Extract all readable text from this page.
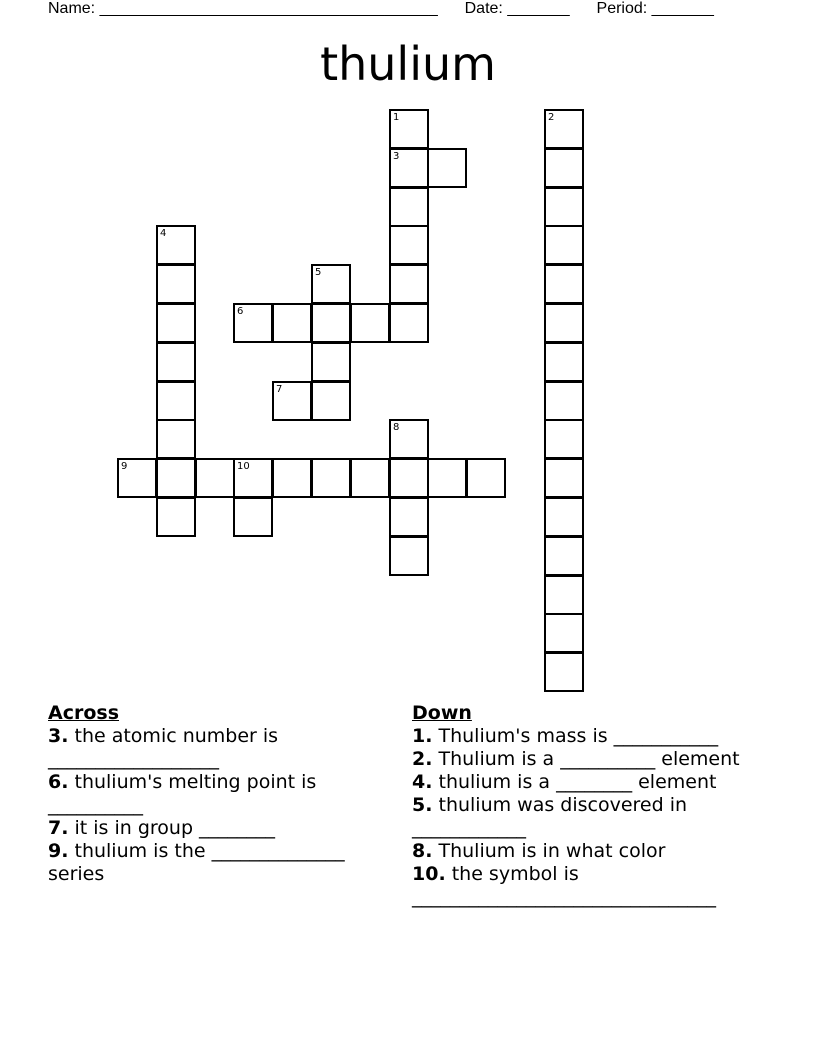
Name: ______________________________________ Date: _______ Period: _______
thulium
3
6
7
9	10
1	2
4
5
8
Across
3. the atomic number is __________________
6. thulium's melting point is __________
7. it is in group ________
9. thulium is the ______________ series
Down
1. Thulium's mass is ___________
2. Thulium is a __________ element
4. thulium is a ________ element
5. thulium was discovered in ____________
8. Thulium is in what color
10. the symbol is ________________________________
